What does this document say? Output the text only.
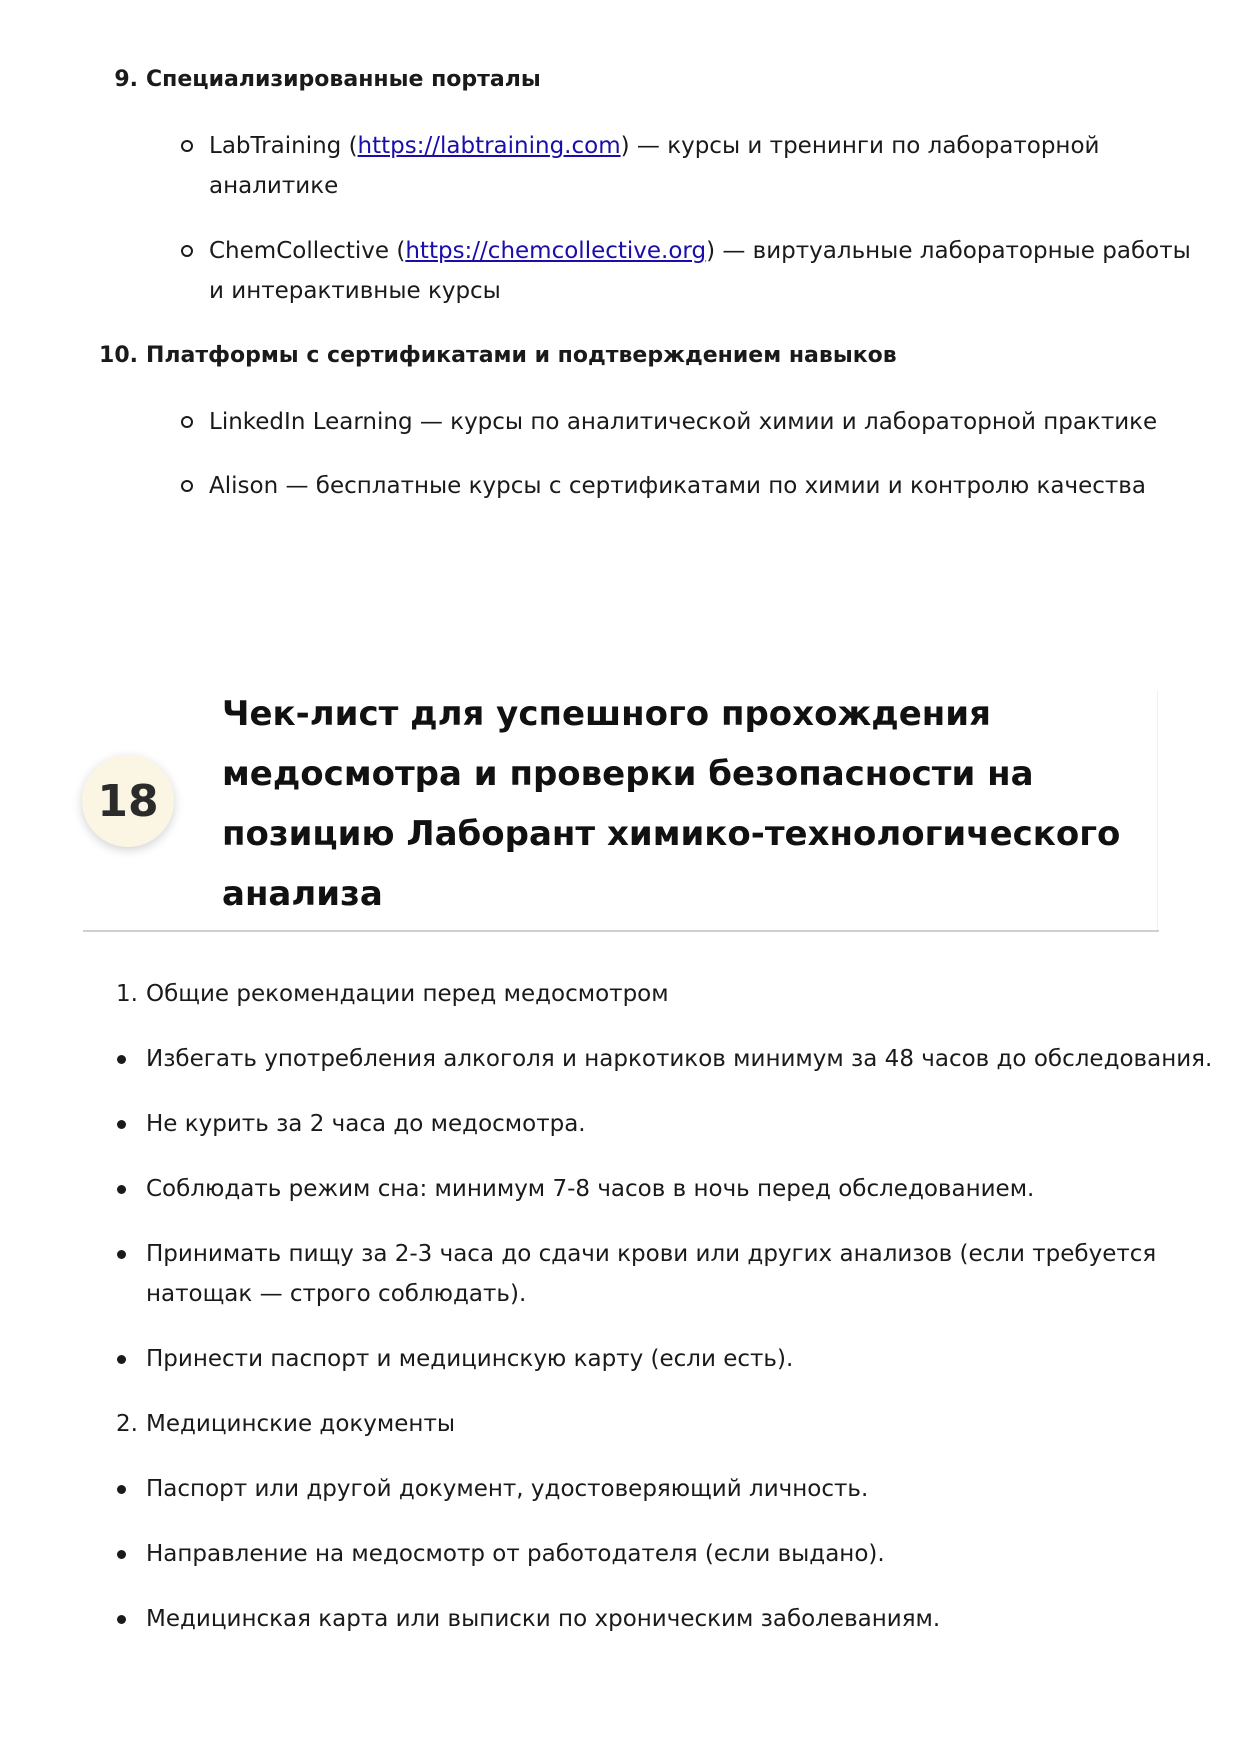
9. Специализированные порталы
LabTraining (https://labtraining.com) — курсы и тренинги по лабораторной
аналитике
ChemCollective (https://chemcollective.org) — виртуальные лабораторные работы
и интерактивные курсы
10. Платформы с сертификатами и подтверждением навыков
LinkedIn Learning — курсы по аналитической химии и лабораторной практике
Alison — бесплатные курсы с сертификатами по химии и контролю качества
18
Чек-лист для успешного прохождения
медосмотра и проверки безопасности на
позицию Лаборант химико-технологического
анализа
1. Общие рекомендации перед медосмотром
Избегать употребления алкоголя и наркотиков минимум за 48 часов до обследования.
Не курить за 2 часа до медосмотра.
Соблюдать режим сна: минимум 7-8 часов в ночь перед обследованием.
Принимать пищу за 2-3 часа до сдачи крови или других анализов (если требуется
натощак — строго соблюдать).
Принести паспорт и медицинскую карту (если есть).
2. Медицинские документы
Паспорт или другой документ, удостоверяющий личность.
Направление на медосмотр от работодателя (если выдано).
Медицинская карта или выписки по хроническим заболеваниям.
